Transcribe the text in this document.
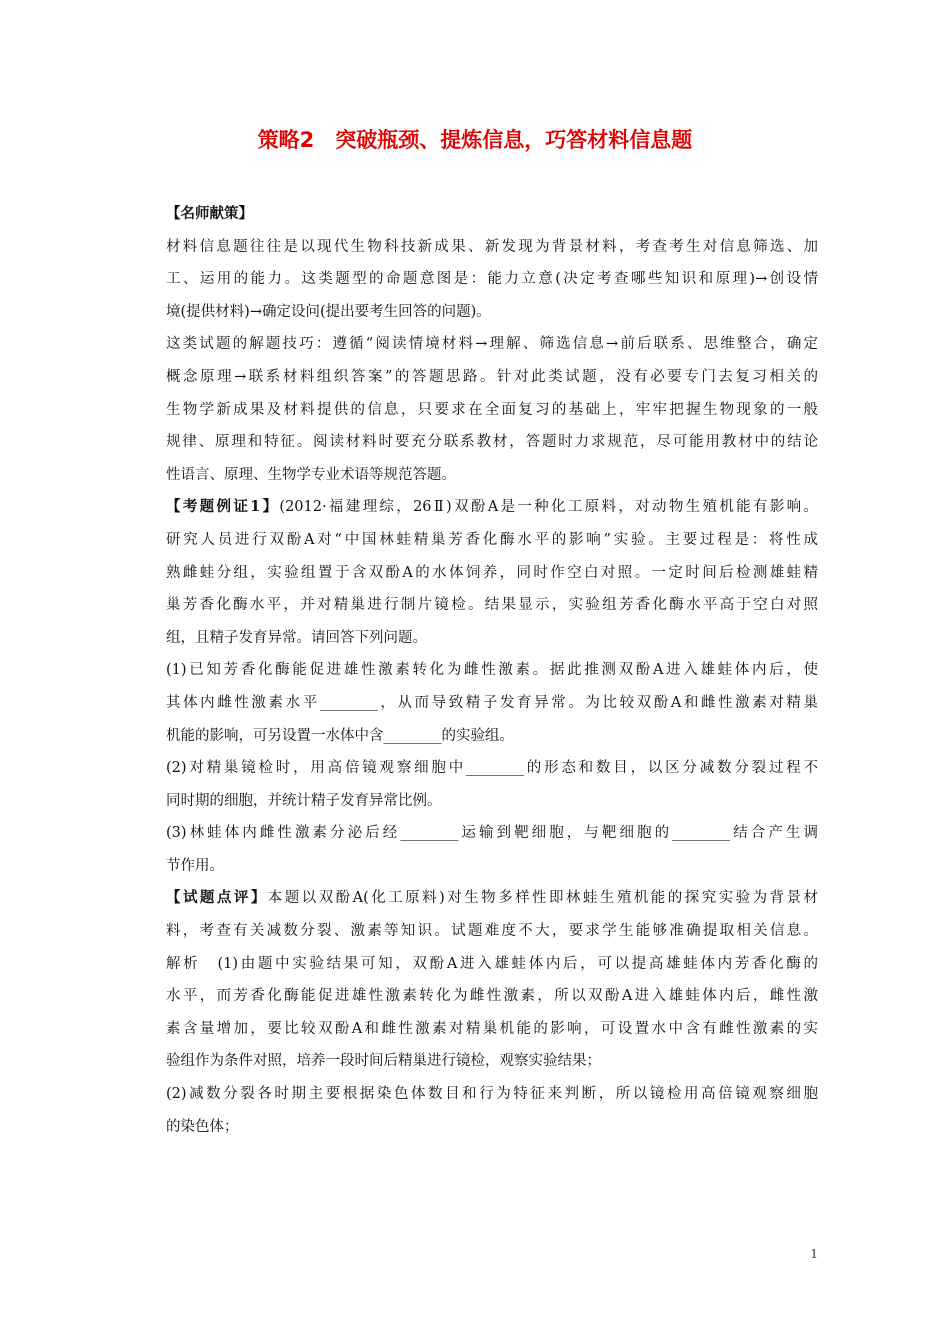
策略2　突破瓶颈、提炼信息，巧答材料信息题
【名师献策】
材料信息题往往是以现代生物科技新成果、新发现为背景材料，考查考生对信息筛选、加
工、运用的能力。这类题型的命题意图是：能力立意(决定考查哪些知识和原理)→创设情
境(提供材料)→确定设问(提出要考生回答的问题)。
这类试题的解题技巧：遵循“阅读情境材料→理解、筛选信息→前后联系、思维整合，确定
概念原理→联系材料组织答案”的答题思路。针对此类试题，没有必要专门去复习相关的
生物学新成果及材料提供的信息，只要求在全面复习的基础上，牢牢把握生物现象的一般
规律、原理和特征。阅读材料时要充分联系教材，答题时力求规范，尽可能用教材中的结论
性语言、原理、生物学专业术语等规范答题。
【考题例证1】(2012·福建理综，26Ⅱ)双酚A是一种化工原料，对动物生殖机能有影响。
研究人员进行双酚A对“中国林蛙精巢芳香化酶水平的影响”实验。主要过程是：将性成
熟雌蛙分组，实验组置于含双酚A的水体饲养，同时作空白对照。一定时间后检测雄蛙精
巢芳香化酶水平，并对精巢进行制片镜检。结果显示，实验组芳香化酶水平高于空白对照
组，且精子发育异常。请回答下列问题。
(1)已知芳香化酶能促进雄性激素转化为雌性激素。据此推测双酚A进入雄蛙体内后，使
其体内雌性激素水平________，从而导致精子发育异常。为比较双酚A和雌性激素对精巢
机能的影响，可另设置一水体中含________的实验组。
(2)对精巢镜检时，用高倍镜观察细胞中________的形态和数目，以区分减数分裂过程不
同时期的细胞，并统计精子发育异常比例。
(3)林蛙体内雌性激素分泌后经________运输到靶细胞，与靶细胞的________结合产生调
节作用。
【试题点评】本题以双酚A(化工原料)对生物多样性即林蛙生殖机能的探究实验为背景材
料，考查有关减数分裂、激素等知识。试题难度不大，要求学生能够准确提取相关信息。
解析　(1)由题中实验结果可知，双酚A进入雄蛙体内后，可以提高雄蛙体内芳香化酶的
水平，而芳香化酶能促进雄性激素转化为雌性激素，所以双酚A进入雄蛙体内后，雌性激
素含量增加，要比较双酚A和雌性激素对精巢机能的影响，可设置水中含有雌性激素的实
验组作为条件对照，培养一段时间后精巢进行镜检，观察实验结果；
(2)减数分裂各时期主要根据染色体数目和行为特征来判断，所以镜检用高倍镜观察细胞
的染色体；
1
